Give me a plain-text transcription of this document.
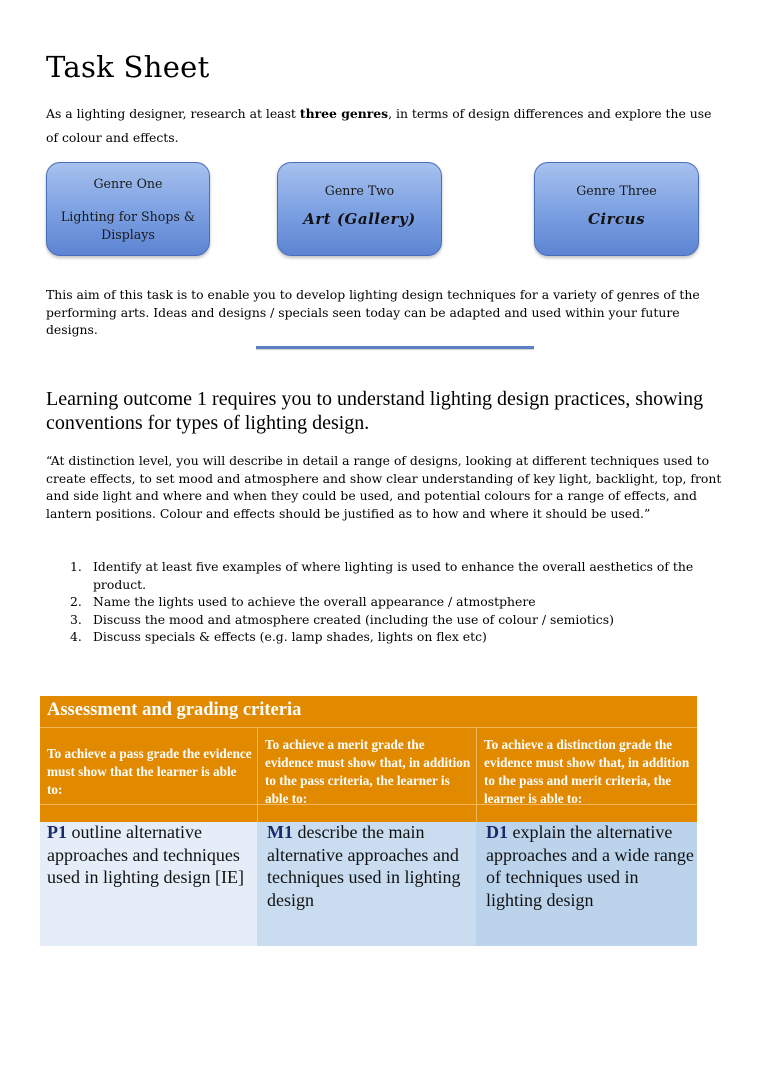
Task Sheet
As a lighting designer, research at least three genres, in terms of design differences and explore the use of colour and effects.
Genre One
Lighting for Shops & Displays
Genre Two
Art (Gallery)
Genre Three
Circus
This aim of this task is to enable you to develop lighting design techniques for a variety of genres of the performing arts. Ideas and designs / specials seen today can be adapted and used within your future designs.
Learning outcome 1 requires you to understand lighting design practices, showing conventions for types of lighting design.
“At distinction level, you will describe in detail a range of designs, looking at different techniques used to create effects, to set mood and atmosphere and show clear understanding of key light, backlight, top, front and side light and where and when they could be used, and potential colours for a range of effects, and lantern positions. Colour and effects should be justified as to how and where it should be used.”
1. Identify at least five examples of where lighting is used to enhance the overall aesthetics of the product.
2. Name the lights used to achieve the overall appearance / atmostphere
3. Discuss the mood and atmosphere created (including the use of colour / semiotics)
4. Discuss specials & effects (e.g. lamp shades, lights on flex etc)
Assessment and grading criteria
To achieve a pass grade the evidence must show that the learner is able to:
To achieve a merit grade the evidence must show that, in addition to the pass criteria, the learner is able to:
To achieve a distinction grade the evidence must show that, in addition to the pass and merit criteria, the learner is able to:
P1 outline alternative approaches and techniques used in lighting design [IE]
M1 describe the main alternative approaches and techniques used in lighting design
D1 explain the alternative approaches and a wide range of techniques used in lighting design
